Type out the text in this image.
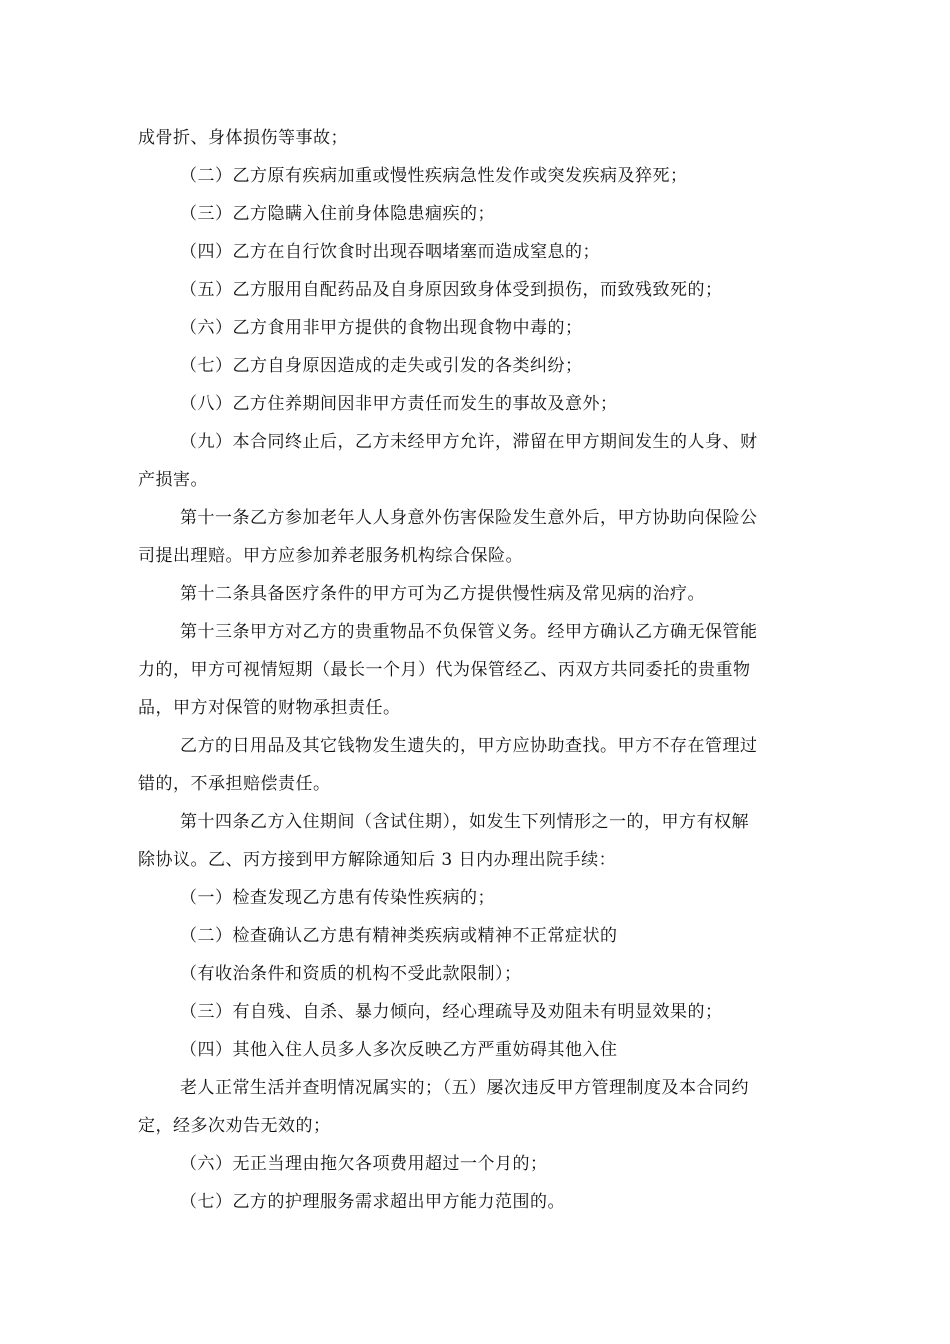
成骨折、身体损伤等事故；
（二）乙方原有疾病加重或慢性疾病急性发作或突发疾病及猝死；
（三）乙方隐瞒入住前身体隐患痼疾的；
（四）乙方在自行饮食时出现吞咽堵塞而造成窒息的；
（五）乙方服用自配药品及自身原因致身体受到损伤，而致残致死的；
（六）乙方食用非甲方提供的食物出现食物中毒的；
（七）乙方自身原因造成的走失或引发的各类纠纷；
（八）乙方住养期间因非甲方责任而发生的事故及意外；
（九）本合同终止后，乙方未经甲方允许，滞留在甲方期间发生的人身、财
产损害。
第十一条乙方参加老年人人身意外伤害保险发生意外后，甲方协助向保险公
司提出理赔。甲方应参加养老服务机构综合保险。
第十二条具备医疗条件的甲方可为乙方提供慢性病及常见病的治疗。
第十三条甲方对乙方的贵重物品不负保管义务。经甲方确认乙方确无保管能
力的，甲方可视情短期（最长一个月）代为保管经乙、丙双方共同委托的贵重物
品，甲方对保管的财物承担责任。
乙方的日用品及其它钱物发生遗失的，甲方应协助查找。甲方不存在管理过
错的，不承担赔偿责任。
第十四条乙方入住期间（含试住期），如发生下列情形之一的，甲方有权解
除协议。乙、丙方接到甲方解除通知后 3 日内办理出院手续：
（一）检查发现乙方患有传染性疾病的；
（二）检查确认乙方患有精神类疾病或精神不正常症状的
（有收治条件和资质的机构不受此款限制）；
（三）有自残、自杀、暴力倾向，经心理疏导及劝阻未有明显效果的；
（四）其他入住人员多人多次反映乙方严重妨碍其他入住
老人正常生活并查明情况属实的；（五）屡次违反甲方管理制度及本合同约
定，经多次劝告无效的；
（六）无正当理由拖欠各项费用超过一个月的；
（七）乙方的护理服务需求超出甲方能力范围的。
